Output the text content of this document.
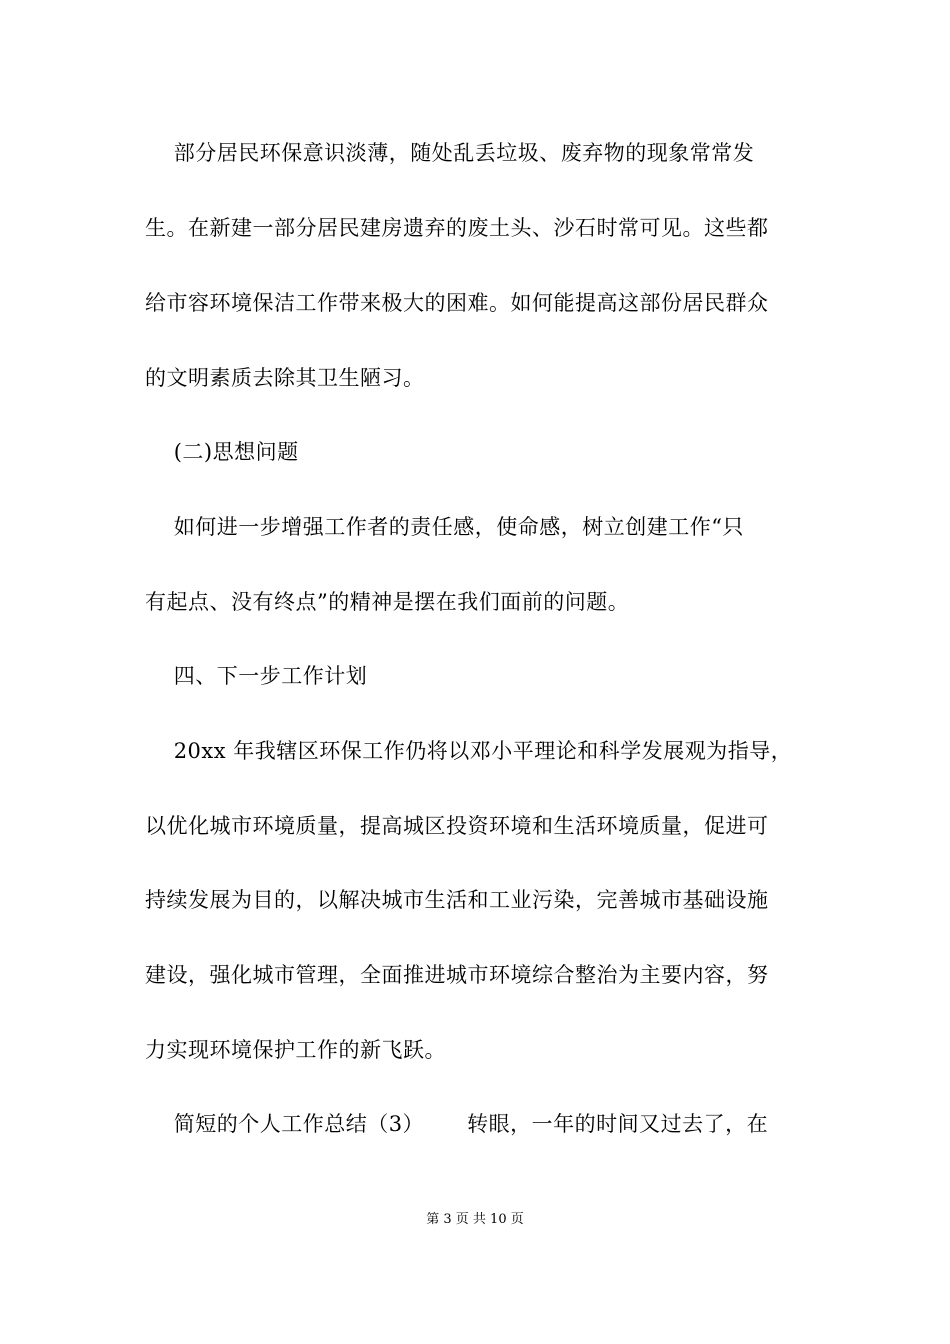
部分居民环保意识淡薄，随处乱丢垃圾、废弃物的现象常常发
生。在新建一部分居民建房遗弃的废土头、沙石时常可见。这些都
给市容环境保洁工作带来极大的困难。如何能提高这部份居民群众
的文明素质去除其卫生陋习。
(二)思想问题
如何进一步增强工作者的责任感，使命感，树立创建工作“只
有起点、没有终点”的精神是摆在我们面前的问题。
四、下一步工作计划
20xx 年我辖区环保工作仍将以邓小平理论和科学发展观为指导，
以优化城市环境质量，提高城区投资环境和生活环境质量，促进可
持续发展为目的，以解决城市生活和工业污染，完善城市基础设施
建设，强化城市管理，全面推进城市环境综合整治为主要内容，努
力实现环境保护工作的新飞跃。
简短的个人工作总结（3）      转眼，一年的时间又过去了，在
第 3 页 共 10 页
